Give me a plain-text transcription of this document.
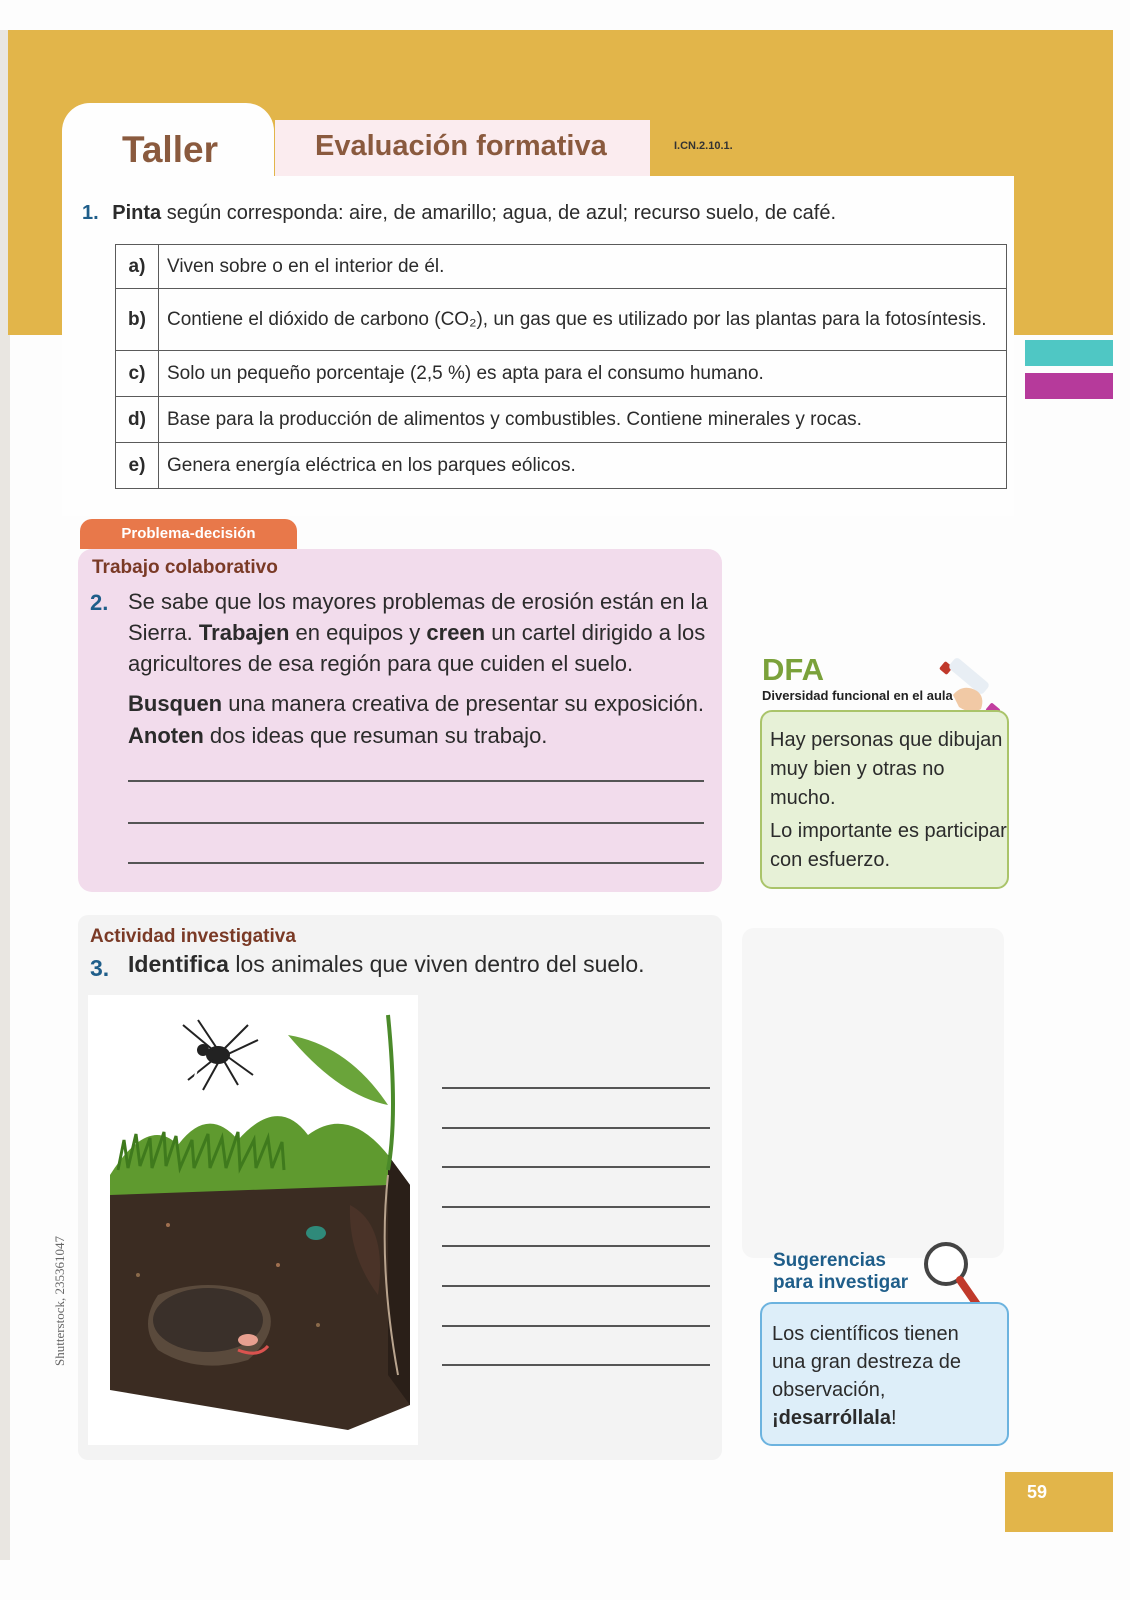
Taller	Evaluación formativa	I.CN.2.10.1.
1. Pinta según corresponda: aire, de amarillo; agua, de azul; recurso suelo, de café.
a)	Viven sobre o en el interior de él.
b)	Contiene el dióxido de carbono (CO₂), un gas que es utilizado por las plantas para la fotosíntesis.
c)	Solo un pequeño porcentaje (2,5 %) es apta para el consumo humano.
d)	Base para la producción de alimentos y combustibles. Contiene minerales y rocas.
e)	Genera energía eléctrica en los parques eólicos.
Problema-decisión
Trabajo colaborativo
2. Se sabe que los mayores problemas de erosión están en la Sierra. Trabajen en equipos y creen un cartel dirigido a los agricultores de esa región para que cuiden el suelo.
Busquen una manera creativa de presentar su exposición.
Anoten dos ideas que resuman su trabajo.
DFA
Diversidad funcional en el aula
Hay personas que dibujan muy bien y otras no mucho.
Lo importante es participar con esfuerzo.
Actividad investigativa
3. Identifica los animales que viven dentro del suelo.
Sugerencias
para investigar
Los científicos tienen una gran destreza de observación, ¡desarróllala!
Shutterstock, 235361047
59
